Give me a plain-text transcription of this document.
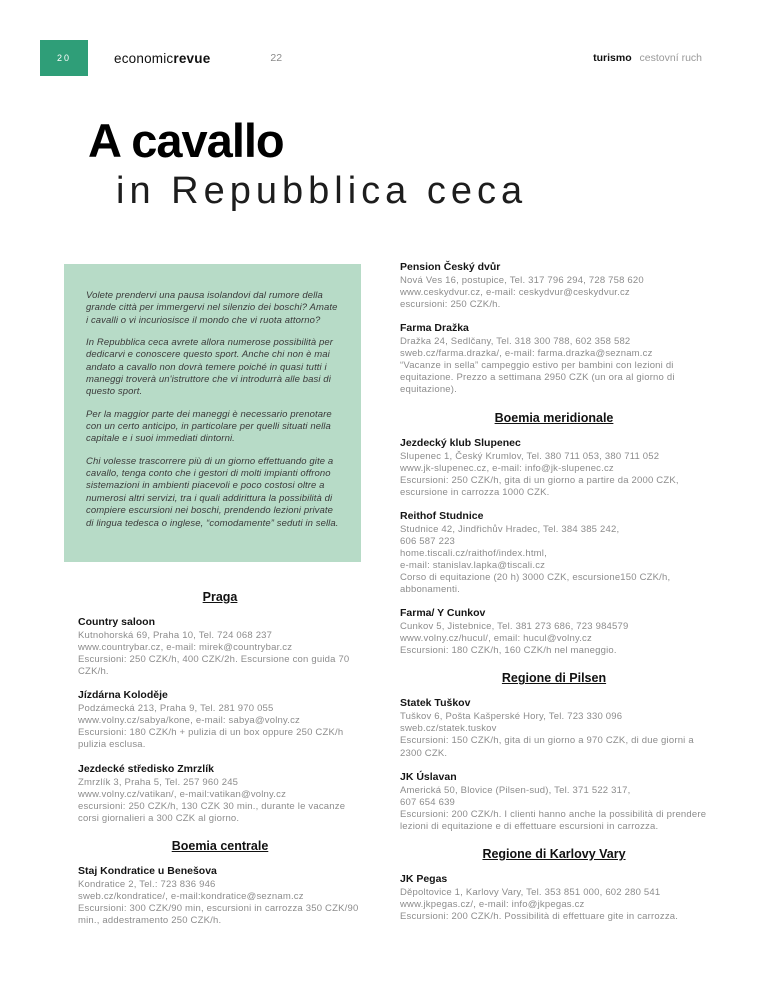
20	economicrevue	22	turismo cestovní ruch
A cavallo
in Repubblica ceca

Volete prendervi una pausa isolandovi dal rumore della grande città per immergervi nel silenzio dei boschi? Amate i cavalli o vi incuriosisce il mondo che vi ruota attorno?

In Repubblica ceca avrete allora numerose possibilità per dedicarvi e conoscere questo sport. Anche chi non è mai andato a cavallo non dovrà temere poiché in quasi tutti i maneggi troverà un'istruttore che vi introdurrà alle basi di questo sport.

Per la maggior parte dei maneggi è necessario prenotare con un certo anticipo, in particolare per quelli situati nella capitale e i suoi immediati dintorni.

Chi volesse trascorrere più di un giorno effettuando gite a cavallo, tenga conto che i gestori di molti impianti offrono sistemazioni in ambienti piacevoli e poco costosi oltre a numerosi altri servizi, tra i quali addirittura la possibilità di compiere escursioni nei boschi, prendendo lezioni private di lingua tedesca o inglese, “comodamente” seduti in sella.

Praga
Country saloon
Kutnohorská 69, Praha 10, Tel. 724 068 237
www.countrybar.cz, e-mail: mirek@countrybar.cz
Escursioni: 250 CZK/h, 400 CZK/2h. Escursione con guida 70 CZK/h.
Jízdárna Koloděje
Podzámecká 213, Praha 9, Tel. 281 970 055
www.volny.cz/sabya/kone, e-mail: sabya@volny.cz
Escursioni: 180 CZK/h + pulizia di un box oppure 250 CZK/h pulizia esclusa.
Jezdecké středisko Zmrzlík
Zmrzlík 3, Praha 5, Tel. 257 960 245
www.volny.cz/vatikan/, e-mail:vatikan@volny.cz
escursioni: 250 CZK/h, 130 CZK 30 min., durante le vacanze corsi giornalieri a 300 CZK al giorno.
Boemia centrale
Staj Kondratice u Benešova
Kondratice 2, Tel.: 723 836 946
sweb.cz/kondratice/, e-mail:kondratice@seznam.cz
Escursioni: 300 CZK/90 min, escursioni in carrozza 350 CZK/90 min., addestramento 250 CZK/h.
Pension Český dvůr
Nová Ves 16, postupice, Tel. 317 796 294, 728 758 620
www.ceskydvur.cz, e-mail: ceskydvur@ceskydvur.cz
escursioni: 250 CZK/h.
Farma Dražka
Dražka 24, Sedlčany, Tel. 318 300 788, 602 358 582
sweb.cz/farma.drazka/, e-mail: farma.drazka@seznam.cz
“Vacanze in sella” campeggio estivo per bambini con lezioni di equitazione. Prezzo a settimana 2950 CZK (un ora al giorno di equitazione).
Boemia meridionale
Jezdecký klub Slupenec
Slupenec 1, Český Krumlov, Tel. 380 711 053, 380 711 052
www.jk-slupenec.cz, e-mail: info@jk-slupenec.cz
Escursioni: 250 CZK/h, gita di un giorno a partire da 2000 CZK, escursione in carrozza 1000 CZK.
Reithof Studnice
Studnice 42, Jindřichův Hradec, Tel. 384 385 242,
606 587 223
home.tiscali.cz/raithof/index.html,
e-mail: stanislav.lapka@tiscali.cz
Corso di equitazione (20 h) 3000 CZK, escursione150 CZK/h, abbonamenti.
Farma/ Y Cunkov
Cunkov 5, Jistebnice, Tel. 381 273 686, 723 984579
www.volny.cz/hucul/, email: hucul@volny.cz
Escursioni: 180 CZK/h, 160 CZK/h nel maneggio.
Regione di Pilsen
Statek Tuškov
Tuškov 6, Pošta Kašperské Hory, Tel. 723 330 096
sweb.cz/statek.tuskov
Escursioni: 150 CZK/h, gita di un giorno a 970 CZK, di due giorni a 2300 CZK.
JK Úslavan
Americká 50, Blovice (Pilsen-sud), Tel. 371 522 317,
607 654 639
Escursioni: 200 CZK/h. I clienti hanno anche la possibilità di prendere lezioni di equitazione e di effettuare escursioni in carrozza.
Regione di Karlovy Vary
JK Pegas
Děpoltovice 1, Karlovy Vary, Tel. 353 851 000, 602 280 541
www.jkpegas.cz/, e-mail: info@jkpegas.cz
Escursioni: 200 CZK/h. Possibilità di effettuare gite in carrozza.
